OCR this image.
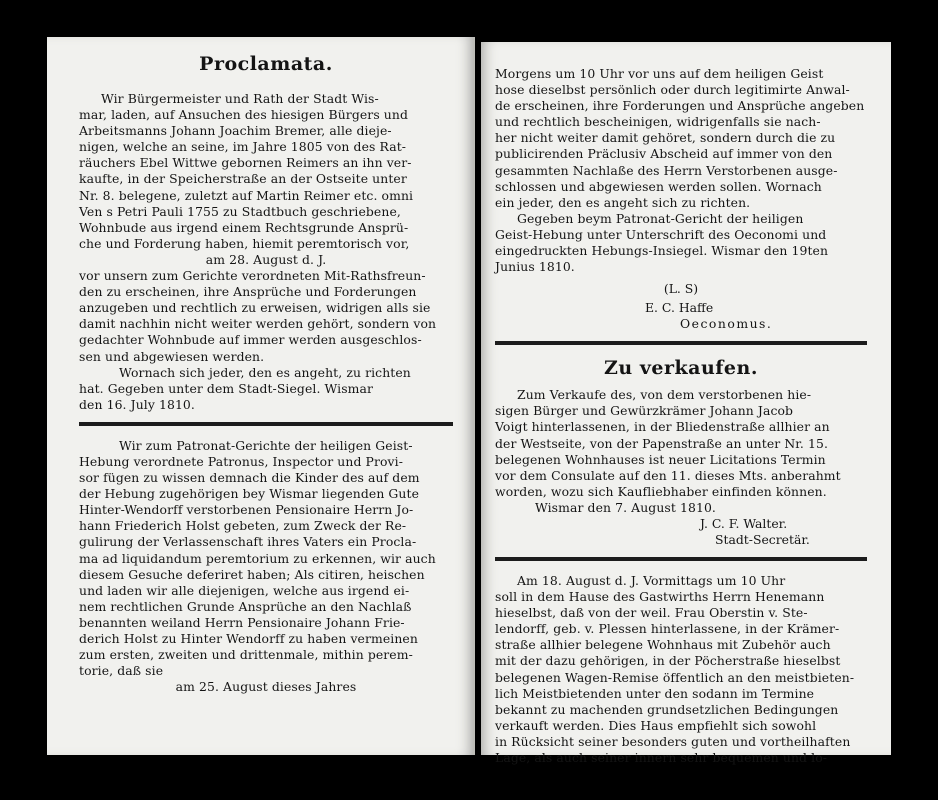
Proclamata.
Wir Bürgermeister und Rath der Stadt Wis-
mar, laden, auf Ansuchen des hiesigen Bürgers und
Arbeitsmanns Johann Joachim Bremer, alle dieje-
nigen, welche an seine, im Jahre 1805 von des Rat-
räuchers Ebel Wittwe gebornen Reimers an ihn ver-
kaufte, in der Speicherstraße an der Ostseite unter
Nr. 8. belegene, zuletzt auf Martin Reimer etc. omni
Ven s Petri Pauli 1755 zu Stadtbuch geschriebene,
Wohnbude aus irgend einem Rechtsgrunde Ansprü-
che und Forderung haben, hiemit peremtorisch vor,
am 28. August d. J.
vor unsern zum Gerichte verordneten Mit-Rathsfreun-
den zu erscheinen, ihre Ansprüche und Forderungen
anzugeben und rechtlich zu erweisen, widrigen alls sie
damit nachhin nicht weiter werden gehört, sondern von
gedachter Wohnbude auf immer werden ausgeschlos-
sen und abgewiesen werden.
Wornach sich jeder, den es angeht, zu richten
hat. Gegeben unter dem Stadt-Siegel. Wismar
den 16. July 1810.
Wir zum Patronat-Gerichte der heiligen Geist-
Hebung verordnete Patronus, Inspector und Provi-
sor fügen zu wissen demnach die Kinder des auf dem
der Hebung zugehörigen bey Wismar liegenden Gute
Hinter-Wendorff verstorbenen Pensionaire Herrn Jo-
hann Friederich Holst gebeten, zum Zweck der Re-
gulirung der Verlassenschaft ihres Vaters ein Procla-
ma ad liquidandum peremtorium zu erkennen, wir auch
diesem Gesuche deferiret haben; Als citiren, heischen
und laden wir alle diejenigen, welche aus irgend ei-
nem rechtlichen Grunde Ansprüche an den Nachlaß
benannten weiland Herrn Pensionaire Johann Frie-
derich Holst zu Hinter Wendorff zu haben vermeinen
zum ersten, zweiten und drittenmale, mithin perem-
torie, daß sie
am 25. August dieses Jahres
Morgens um 10 Uhr vor uns auf dem heiligen Geist
hose dieselbst persönlich oder durch legitimirte Anwal-
de erscheinen, ihre Forderungen und Ansprüche angeben
und rechtlich bescheinigen, widrigenfalls sie nach-
her nicht weiter damit gehöret, sondern durch die zu
publicirenden Präclusiv Abscheid auf immer von den
gesammten Nachlaße des Herrn Verstorbenen ausge-
schlossen und abgewiesen werden sollen. Wornach
ein jeder, den es angeht sich zu richten.
Gegeben beym Patronat-Gericht der heiligen
Geist-Hebung unter Unterschrift des Oeconomi und
eingedruckten Hebungs-Insiegel. Wismar den 19ten
Junius 1810.
(L. S)
E. C. Haffe
Oeconomus.
Zu verkaufen.
Zum Verkaufe des, von dem verstorbenen hie-
sigen Bürger und Gewürzkrämer Johann Jacob
Voigt hinterlassenen, in der Bliedenstraße allhier an
der Westseite, von der Papenstraße an unter Nr. 15.
belegenen Wohnhauses ist neuer Licitations Termin
vor dem Consulate auf den 11. dieses Mts. anberahmt
worden, wozu sich Kaufliebhaber einfinden können.
Wismar den 7. August 1810.
J. C. F. Walter.
Stadt-Secretär.
Am 18. August d. J. Vormittags um 10 Uhr
soll in dem Hause des Gastwirths Herrn Henemann
hieselbst, daß von der weil. Frau Oberstin v. Ste-
lendorff, geb. v. Plessen hinterlassene, in der Krämer-
straße allhier belegene Wohnhaus mit Zubehör auch
mit der dazu gehörigen, in der Pöcherstraße hieselbst
belegenen Wagen-Remise öffentlich an den meistbieten-
lich Meistbietenden unter den sodann im Termine
bekannt zu machenden grundsetzlichen Bedingungen
verkauft werden. Dies Haus empfiehlt sich sowohl
in Rücksicht seiner besonders guten und vortheilhaften
Lage, als auch seiner innern sehr bequemen und lo-
